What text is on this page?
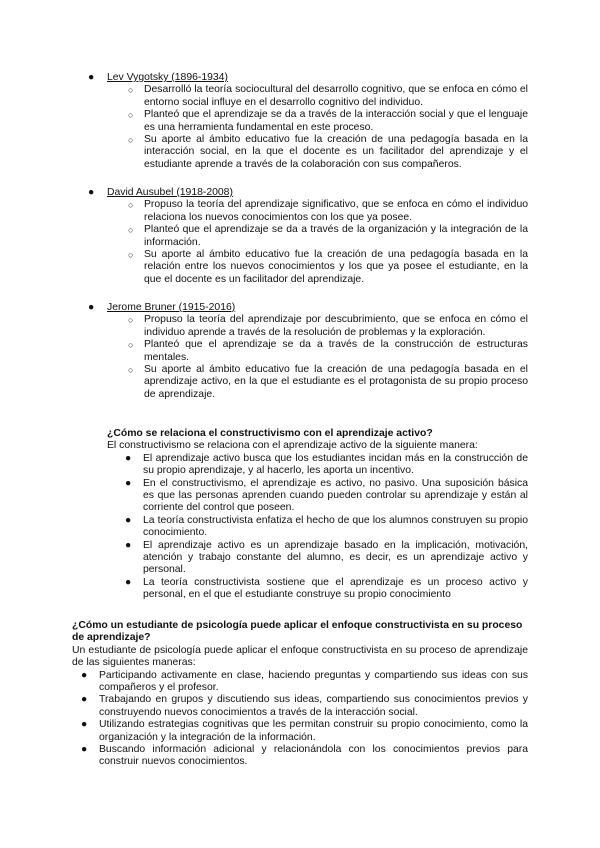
● Lev Vygotsky (1896-1934)
○ Desarrolló la teoría sociocultural del desarrollo cognitivo, que se enfoca en cómo el entorno social influye en el desarrollo cognitivo del individuo.
○ Planteó que el aprendizaje se da a través de la interacción social y que el lenguaje es una herramienta fundamental en este proceso.
○ Su aporte al ámbito educativo fue la creación de una pedagogía basada en la interacción social, en la que el docente es un facilitador del aprendizaje y el estudiante aprende a través de la colaboración con sus compañeros.
● David Ausubel (1918-2008)
○ Propuso la teoría del aprendizaje significativo, que se enfoca en cómo el individuo relaciona los nuevos conocimientos con los que ya posee.
○ Planteó que el aprendizaje se da a través de la organización y la integración de la información.
○ Su aporte al ámbito educativo fue la creación de una pedagogía basada en la relación entre los nuevos conocimientos y los que ya posee el estudiante, en la que el docente es un facilitador del aprendizaje.
● Jerome Bruner (1915-2016)
○ Propuso la teoría del aprendizaje por descubrimiento, que se enfoca en cómo el individuo aprende a través de la resolución de problemas y la exploración.
○ Planteó que el aprendizaje se da a través de la construcción de estructuras mentales.
○ Su aporte al ámbito educativo fue la creación de una pedagogía basada en el aprendizaje activo, en la que el estudiante es el protagonista de su propio proceso de aprendizaje.
¿Cómo se relaciona el constructivismo con el aprendizaje activo?
El constructivismo se relaciona con el aprendizaje activo de la siguiente manera:
● El aprendizaje activo busca que los estudiantes incidan más en la construcción de su propio aprendizaje, y al hacerlo, les aporta un incentivo.
● En el constructivismo, el aprendizaje es activo, no pasivo. Una suposición básica es que las personas aprenden cuando pueden controlar su aprendizaje y están al corriente del control que poseen.
● La teoría constructivista enfatiza el hecho de que los alumnos construyen su propio conocimiento.
● El aprendizaje activo es un aprendizaje basado en la implicación, motivación, atención y trabajo constante del alumno, es decir, es un aprendizaje activo y personal.
● La teoría constructivista sostiene que el aprendizaje es un proceso activo y personal, en el que el estudiante construye su propio conocimiento
¿Cómo un estudiante de psicología puede aplicar el enfoque constructivista en su proceso de aprendizaje?
Un estudiante de psicología puede aplicar el enfoque constructivista en su proceso de aprendizaje de las siguientes maneras:
● Participando activamente en clase, haciendo preguntas y compartiendo sus ideas con sus compañeros y el profesor.
● Trabajando en grupos y discutiendo sus ideas, compartiendo sus conocimientos previos y construyendo nuevos conocimientos a través de la interacción social.
● Utilizando estrategias cognitivas que les permitan construir su propio conocimiento, como la organización y la integración de la información.
● Buscando información adicional y relacionándola con los conocimientos previos para construir nuevos conocimientos.
